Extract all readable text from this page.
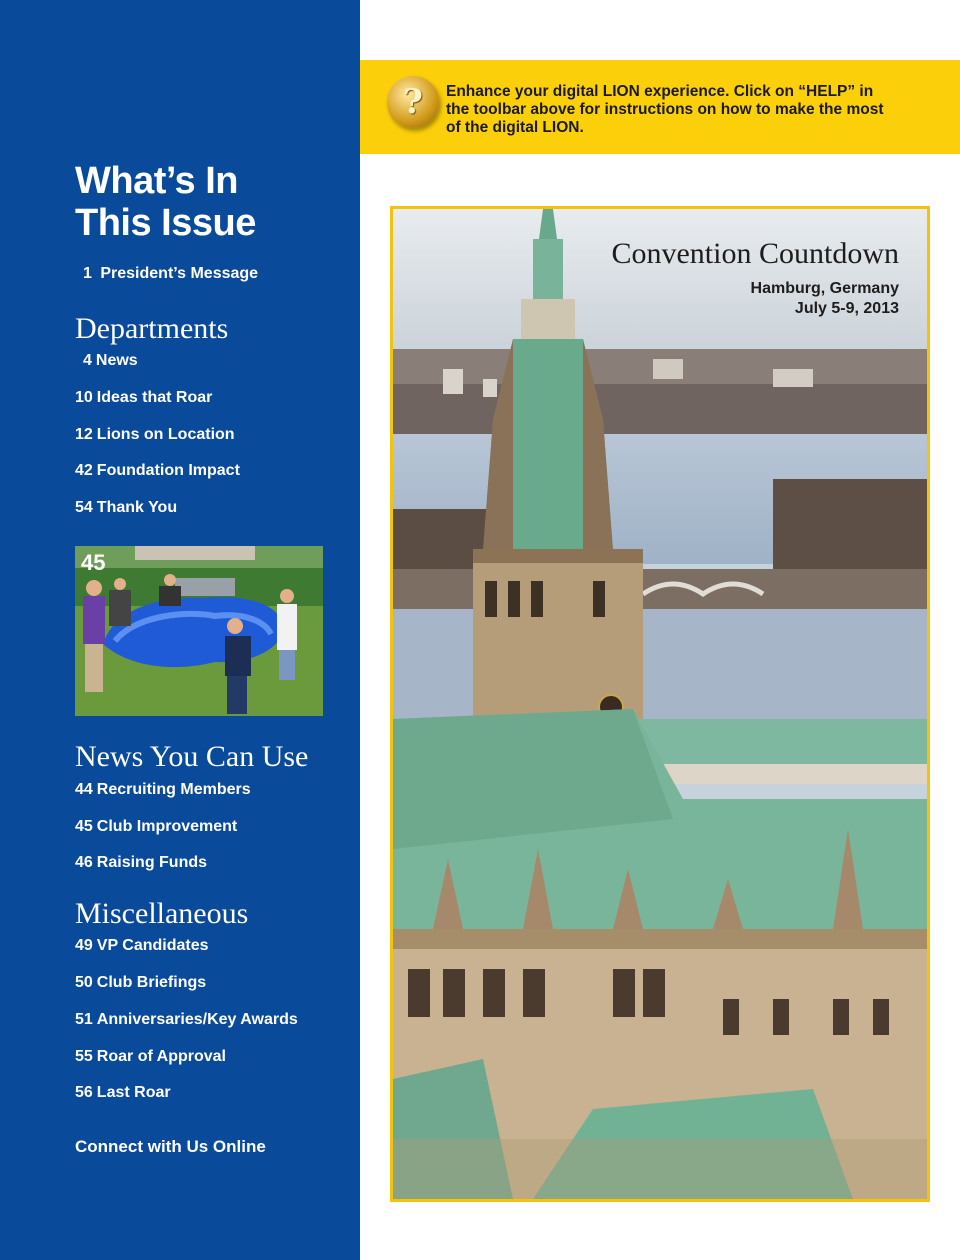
What’s In
This Issue
1 President’s Message
Departments
4 News
10 Ideas that Roar
12 Lions on Location
42 Foundation Impact
54 Thank You
45
News You Can Use
44 Recruiting Members
45 Club Improvement
46 Raising Funds
Miscellaneous
49 VP Candidates
50 Club Briefings
51 Anniversaries/Key Awards
55 Roar of Approval
56 Last Roar
Connect with Us Online
?	Enhance your digital LION experience. Click on “HELP” in the toolbar above for instructions on how to make the most of the digital LION.
Convention Countdown
Hamburg, Germany
July 5-9, 2013
